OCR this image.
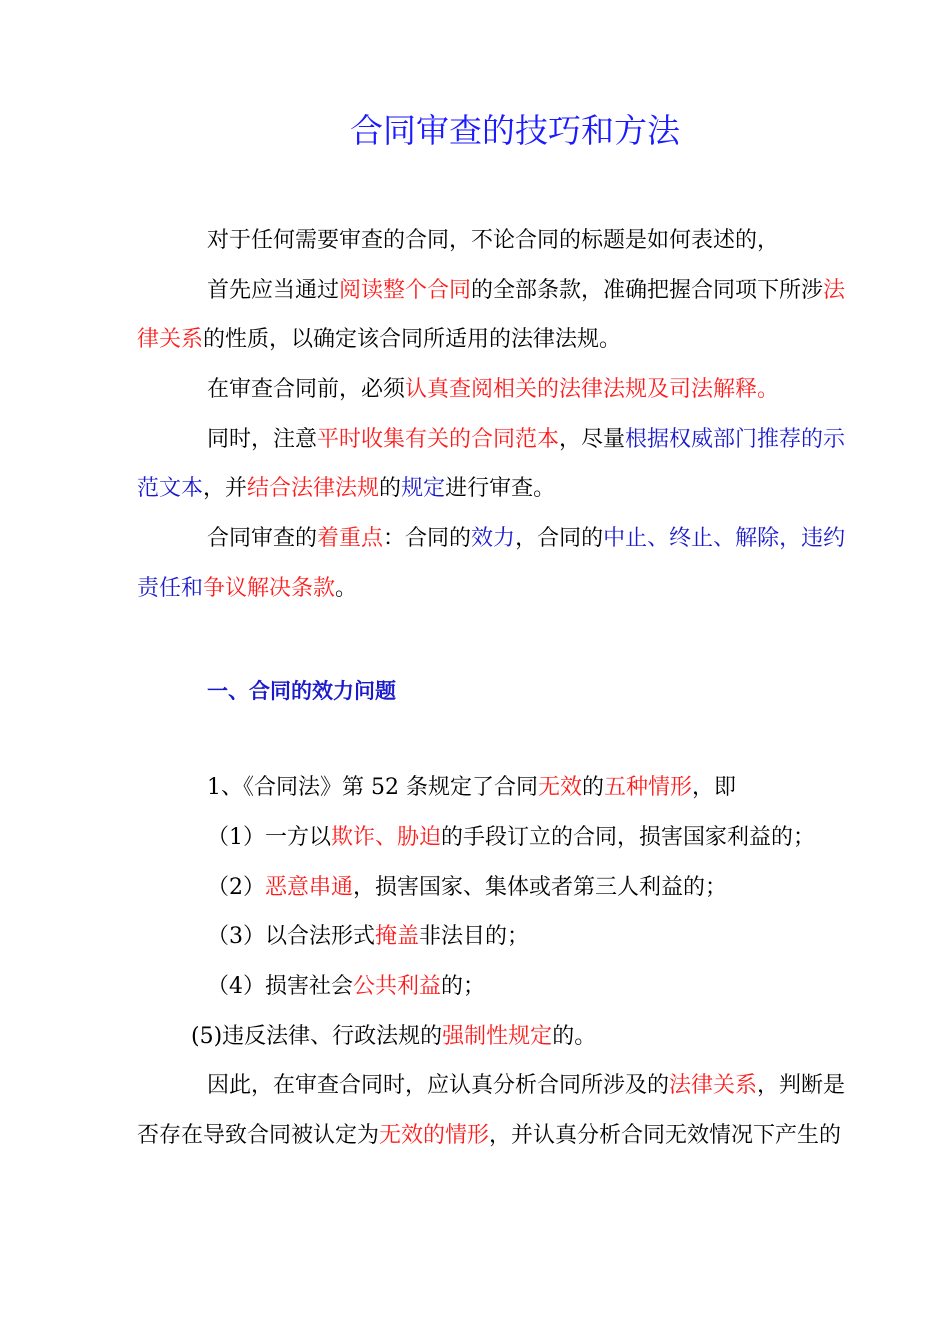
合同审查的技巧和方法
对于任何需要审查的合同，不论合同的标题是如何表述的，
首先应当通过阅读整个合同的全部条款，准确把握合同项下所涉法
律关系的性质，以确定该合同所适用的法律法规。
在审查合同前，必须认真查阅相关的法律法规及司法解释。
同时，注意平时收集有关的合同范本，尽量根据权威部门推荐的示
范文本，并结合法律法规的规定进行审查。
合同审查的着重点：合同的效力，合同的中止、终止、解除，违约
责任和争议解决条款。
一、合同的效力问题
1、《合同法》第 52 条规定了合同无效的五种情形，即
（1）一方以欺诈、胁迫的手段订立的合同，损害国家利益的；
（2）恶意串通，损害国家、集体或者第三人利益的；
（3）以合法形式掩盖非法目的；
（4）损害社会公共利益的；
(5)违反法律、行政法规的强制性规定的。
因此，在审查合同时，应认真分析合同所涉及的法律关系，判断是
否存在导致合同被认定为无效的情形，并认真分析合同无效情况下产生的
